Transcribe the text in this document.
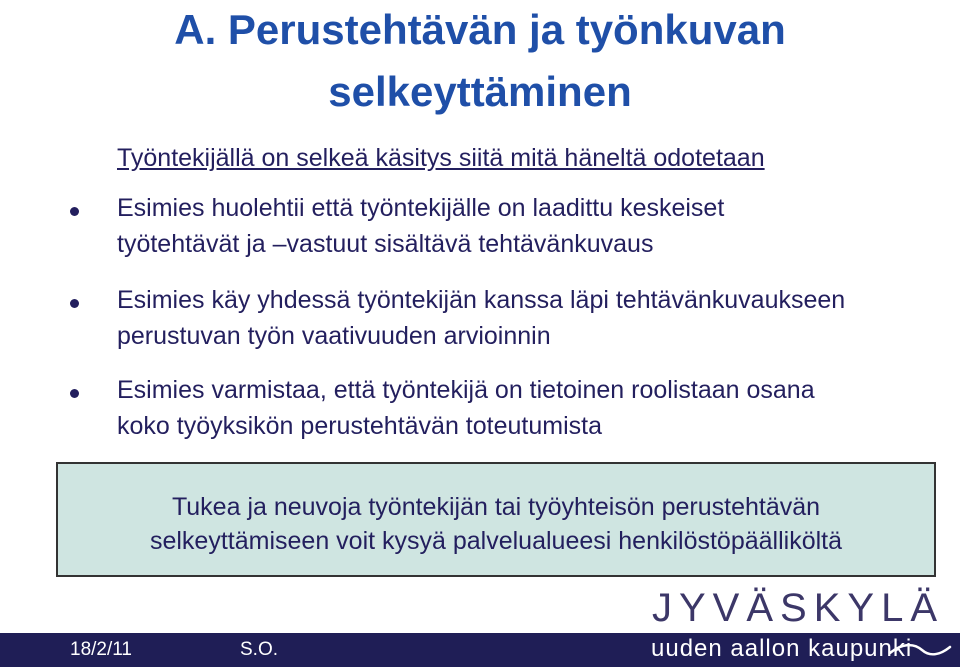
A. Perustehtävän ja työnkuvan
selkeyttäminen
Työntekijällä on selkeä käsitys siitä mitä häneltä odotetaan
Esimies huolehtii että työntekijälle on laadittu keskeiset
työtehtävät ja –vastuut sisältävä tehtävänkuvaus
Esimies käy yhdessä työntekijän kanssa läpi tehtävänkuvaukseen
perustuvan työn vaativuuden arvioinnin
Esimies varmistaa, että työntekijä on tietoinen roolistaan osana
koko työyksikön perustehtävän toteutumista
Tukea ja neuvoja työntekijän tai työyhteisön perustehtävän
selkeyttämiseen voit kysyä palvelualueesi henkilöstöpäälliköltä
JYVÄSKYLÄ
18/2/11	S.O.	uuden aallon kaupunki
